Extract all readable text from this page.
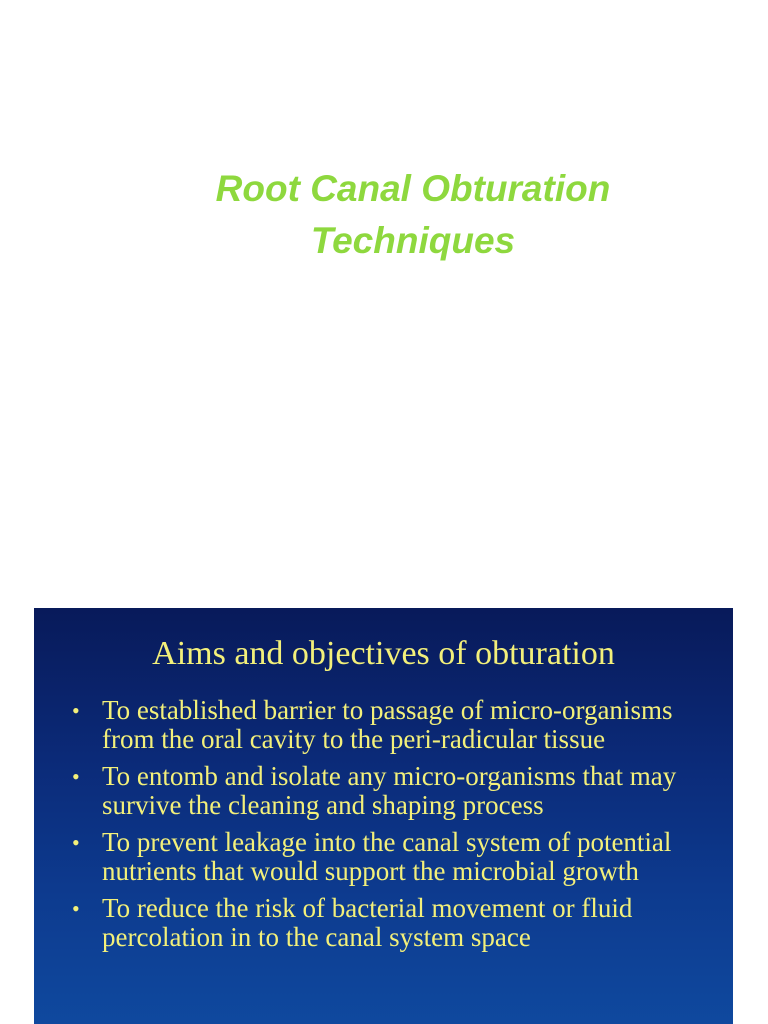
Root Canal Obturation
Techniques
Aims and objectives of obturation
• To established barrier to passage of micro-organisms from the oral cavity to the peri-radicular tissue
• To entomb and isolate any micro-organisms that may survive the cleaning and shaping process
• To prevent leakage into the canal system of potential nutrients that would support the microbial growth
• To reduce the risk of bacterial movement or fluid percolation in to the canal system space
